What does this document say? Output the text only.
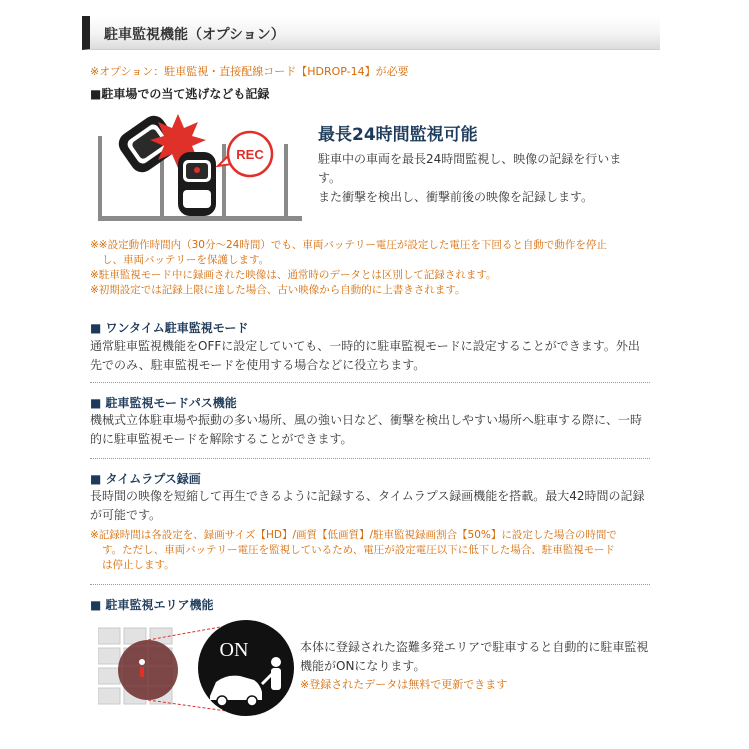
駐車監視機能（オプション）
※オプション：駐車監視・直接配線コード【HDROP-14】が必要
■駐車場での当て逃げなども記録
REC
最長24時間監視可能
駐車中の車両を最長24時間監視し、映像の記録を行いま
す。
また衝撃を検出し、衝撃前後の映像を記録します。
※※設定動作時間内（30分〜24時間）でも、車両バッテリー電圧が設定した電圧を下回ると自動で動作を停止
し、車両バッテリーを保護します。
※駐車監視モード中に録画された映像は、通常時のデータとは区別して記録されます。
※初期設定では記録上限に達した場合、古い映像から自動的に上書きされます。
■ ワンタイム駐車監視モード
通常駐車監視機能をOFFに設定していても、一時的に駐車監視モードに設定することができます。外出
先でのみ、駐車監視モードを使用する場合などに役立ちます。
■ 駐車監視モードパス機能
機械式立体駐車場や振動の多い場所、風の強い日など、衝撃を検出しやすい場所へ駐車する際に、一時
的に駐車監視モードを解除することができます。
■ タイムラプス録画
長時間の映像を短縮して再生できるように記録する、タイムラプス録画機能を搭載。最大42時間の記録
が可能です。
※記録時間は各設定を、録画サイズ【HD】/画質【低画質】/駐車監視録画割合【50%】に設定した場合の時間で
す。ただし、車両バッテリー電圧を監視しているため、電圧が設定電圧以下に低下した場合、駐車監視モード
は停止します。
■ 駐車監視エリア機能
ON	本体に登録された盗難多発エリアで駐車すると自動的に駐車監視
機能がONになります。
※登録されたデータは無料で更新できます
